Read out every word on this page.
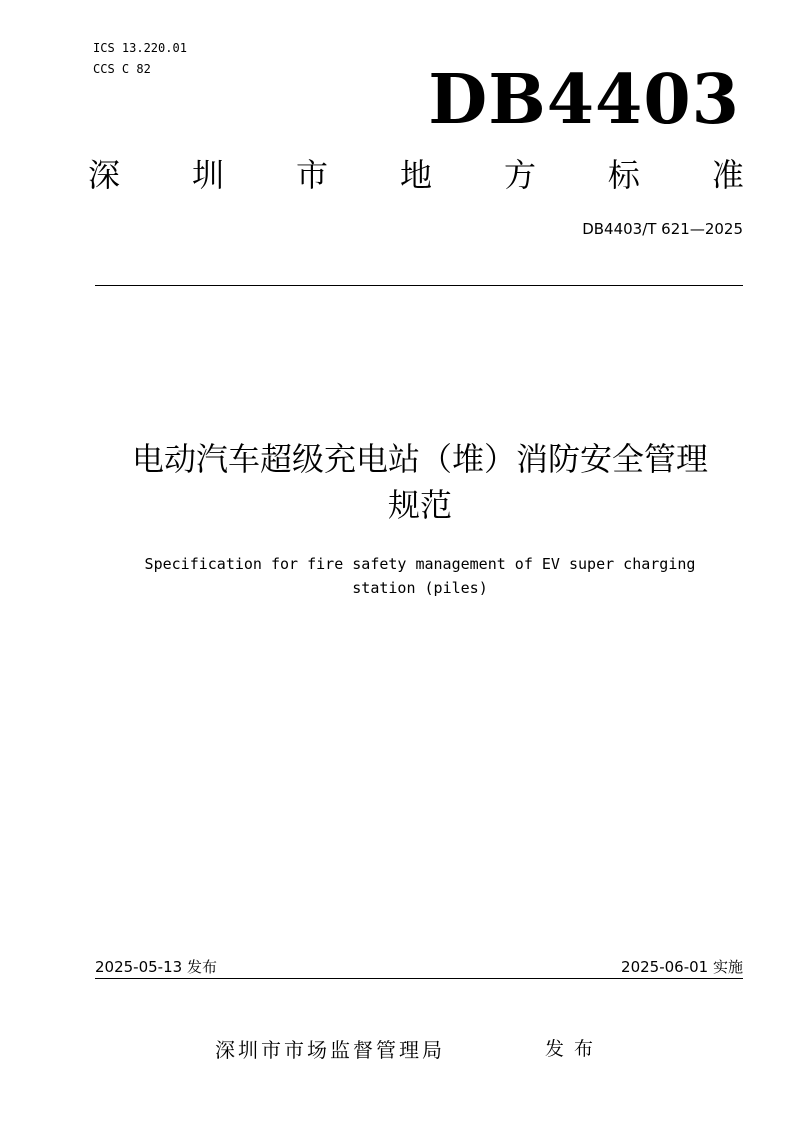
ICS 13.220.01
CCS C 82	DB4403
深 圳 市 地 方 标 准
DB4403/T 621—2025
电动汽车超级充电站（堆）消防安全管理
规范
Specification for fire safety management of EV super charging
station (piles)
2025-05-13 发布	2025-06-01 实施
深圳市市场监督管理局	发布
